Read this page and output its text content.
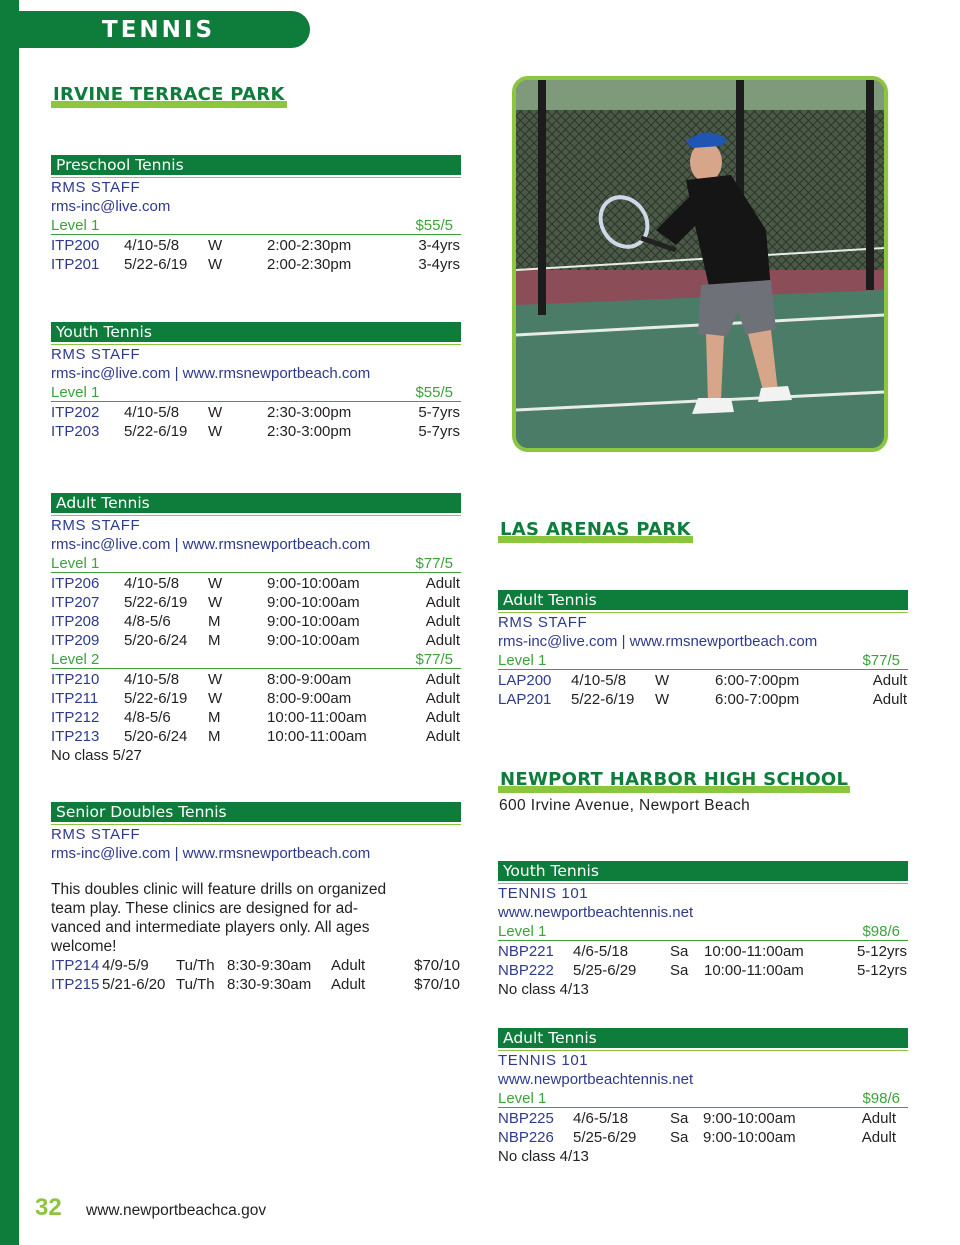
TENNIS
IRVINE TERRACE PARK
Preschool Tennis
RMS STAFF
rms-inc@live.com
Level 1	$55/5
ITP200 4/10-5/8 W	2:00-2:30pm	3-4yrs
ITP201 5/22-6/19 W	2:00-2:30pm	3-4yrs
Youth Tennis
RMS STAFF
rms-inc@live.com | www.rmsnewportbeach.com
Level 1	$55/5
ITP202 4/10-5/8 W	2:30-3:00pm	5-7yrs
ITP203 5/22-6/19 W	2:30-3:00pm	5-7yrs
Adult Tennis
RMS STAFF
rms-inc@live.com | www.rmsnewportbeach.com
Level 1	$77/5
ITP206 4/10-5/8 W	9:00-10:00am	Adult
ITP207 5/22-6/19 W	9:00-10:00am	Adult
ITP208 4/8-5/6 M	9:00-10:00am	Adult
ITP209 5/20-6/24 M	9:00-10:00am	Adult
Level 2	$77/5
ITP210 4/10-5/8 W	8:00-9:00am	Adult
ITP211 5/22-6/19 W	8:00-9:00am	Adult
ITP212 4/8-5/6 M	10:00-11:00am	Adult
ITP213 5/20-6/24 M	10:00-11:00am	Adult
No class 5/27
Senior Doubles Tennis
RMS STAFF
rms-inc@live.com | www.rmsnewportbeach.com
This doubles clinic will feature drills on organized
team play. These clinics are designed for ad-
vanced and intermediate players only. All ages
welcome!
ITP214 4/9-5/9 Tu/Th 8:30-9:30am Adult	$70/10
ITP215 5/21-6/20 Tu/Th 8:30-9:30am Adult	$70/10
LAS ARENAS PARK
Adult Tennis
RMS STAFF
rms-inc@live.com | www.rmsnewportbeach.com
Level 1	$77/5
LAP200 4/10-5/8 W	6:00-7:00pm	Adult
LAP201 5/22-6/19 W	6:00-7:00pm	Adult
NEWPORT HARBOR HIGH SCHOOL
600 Irvine Avenue, Newport Beach
Youth Tennis
TENNIS 101
www.newportbeachtennis.net
Level 1	$98/6
NBP221 4/6-5/18	Sa 10:00-11:00am	5-12yrs
NBP222 5/25-6/29 Sa 10:00-11:00am	5-12yrs
No class 4/13
Adult Tennis
TENNIS 101
www.newportbeachtennis.net
Level 1	$98/6
NBP225 4/6-5/18	Sa 9:00-10:00am	Adult
NBP226 5/25-6/29 Sa 9:00-10:00am	Adult
No class 4/13
32 www.newportbeachca.gov
